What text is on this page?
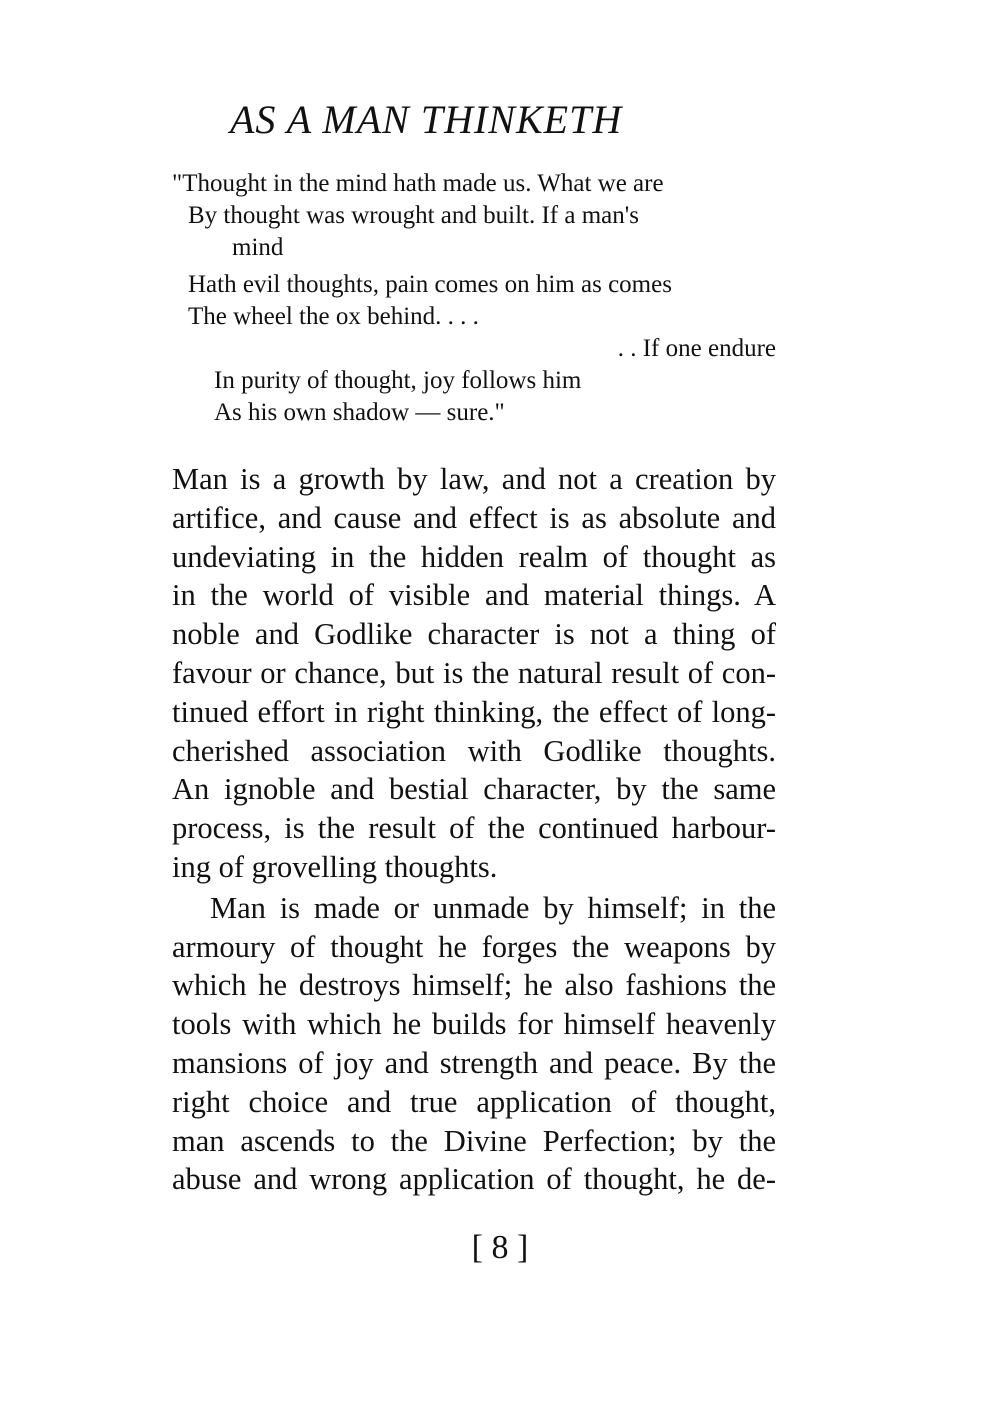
AS A MAN THINKETH
"Thought in the mind hath made us. What we are
By thought was wrought and built. If a man's
mind
Hath evil thoughts, pain comes on him as comes
The wheel the ox behind. . . .
. . If one endure
In purity of thought, joy follows him
As his own shadow — sure."
Man is a growth by law, and not a creation by
artifice, and cause and effect is as absolute and
undeviating in the hidden realm of thought as
in the world of visible and material things. A
noble and Godlike character is not a thing of
favour or chance, but is the natural result of con-
tinued effort in right thinking, the effect of long-
cherished association with Godlike thoughts.
An ignoble and bestial character, by the same
process, is the result of the continued harbour-
ing of grovelling thoughts.
Man is made or unmade by himself; in the
armoury of thought he forges the weapons by
which he destroys himself; he also fashions the
tools with which he builds for himself heavenly
mansions of joy and strength and peace. By the
right choice and true application of thought,
man ascends to the Divine Perfection; by the
abuse and wrong application of thought, he de-
[ 8 ]
